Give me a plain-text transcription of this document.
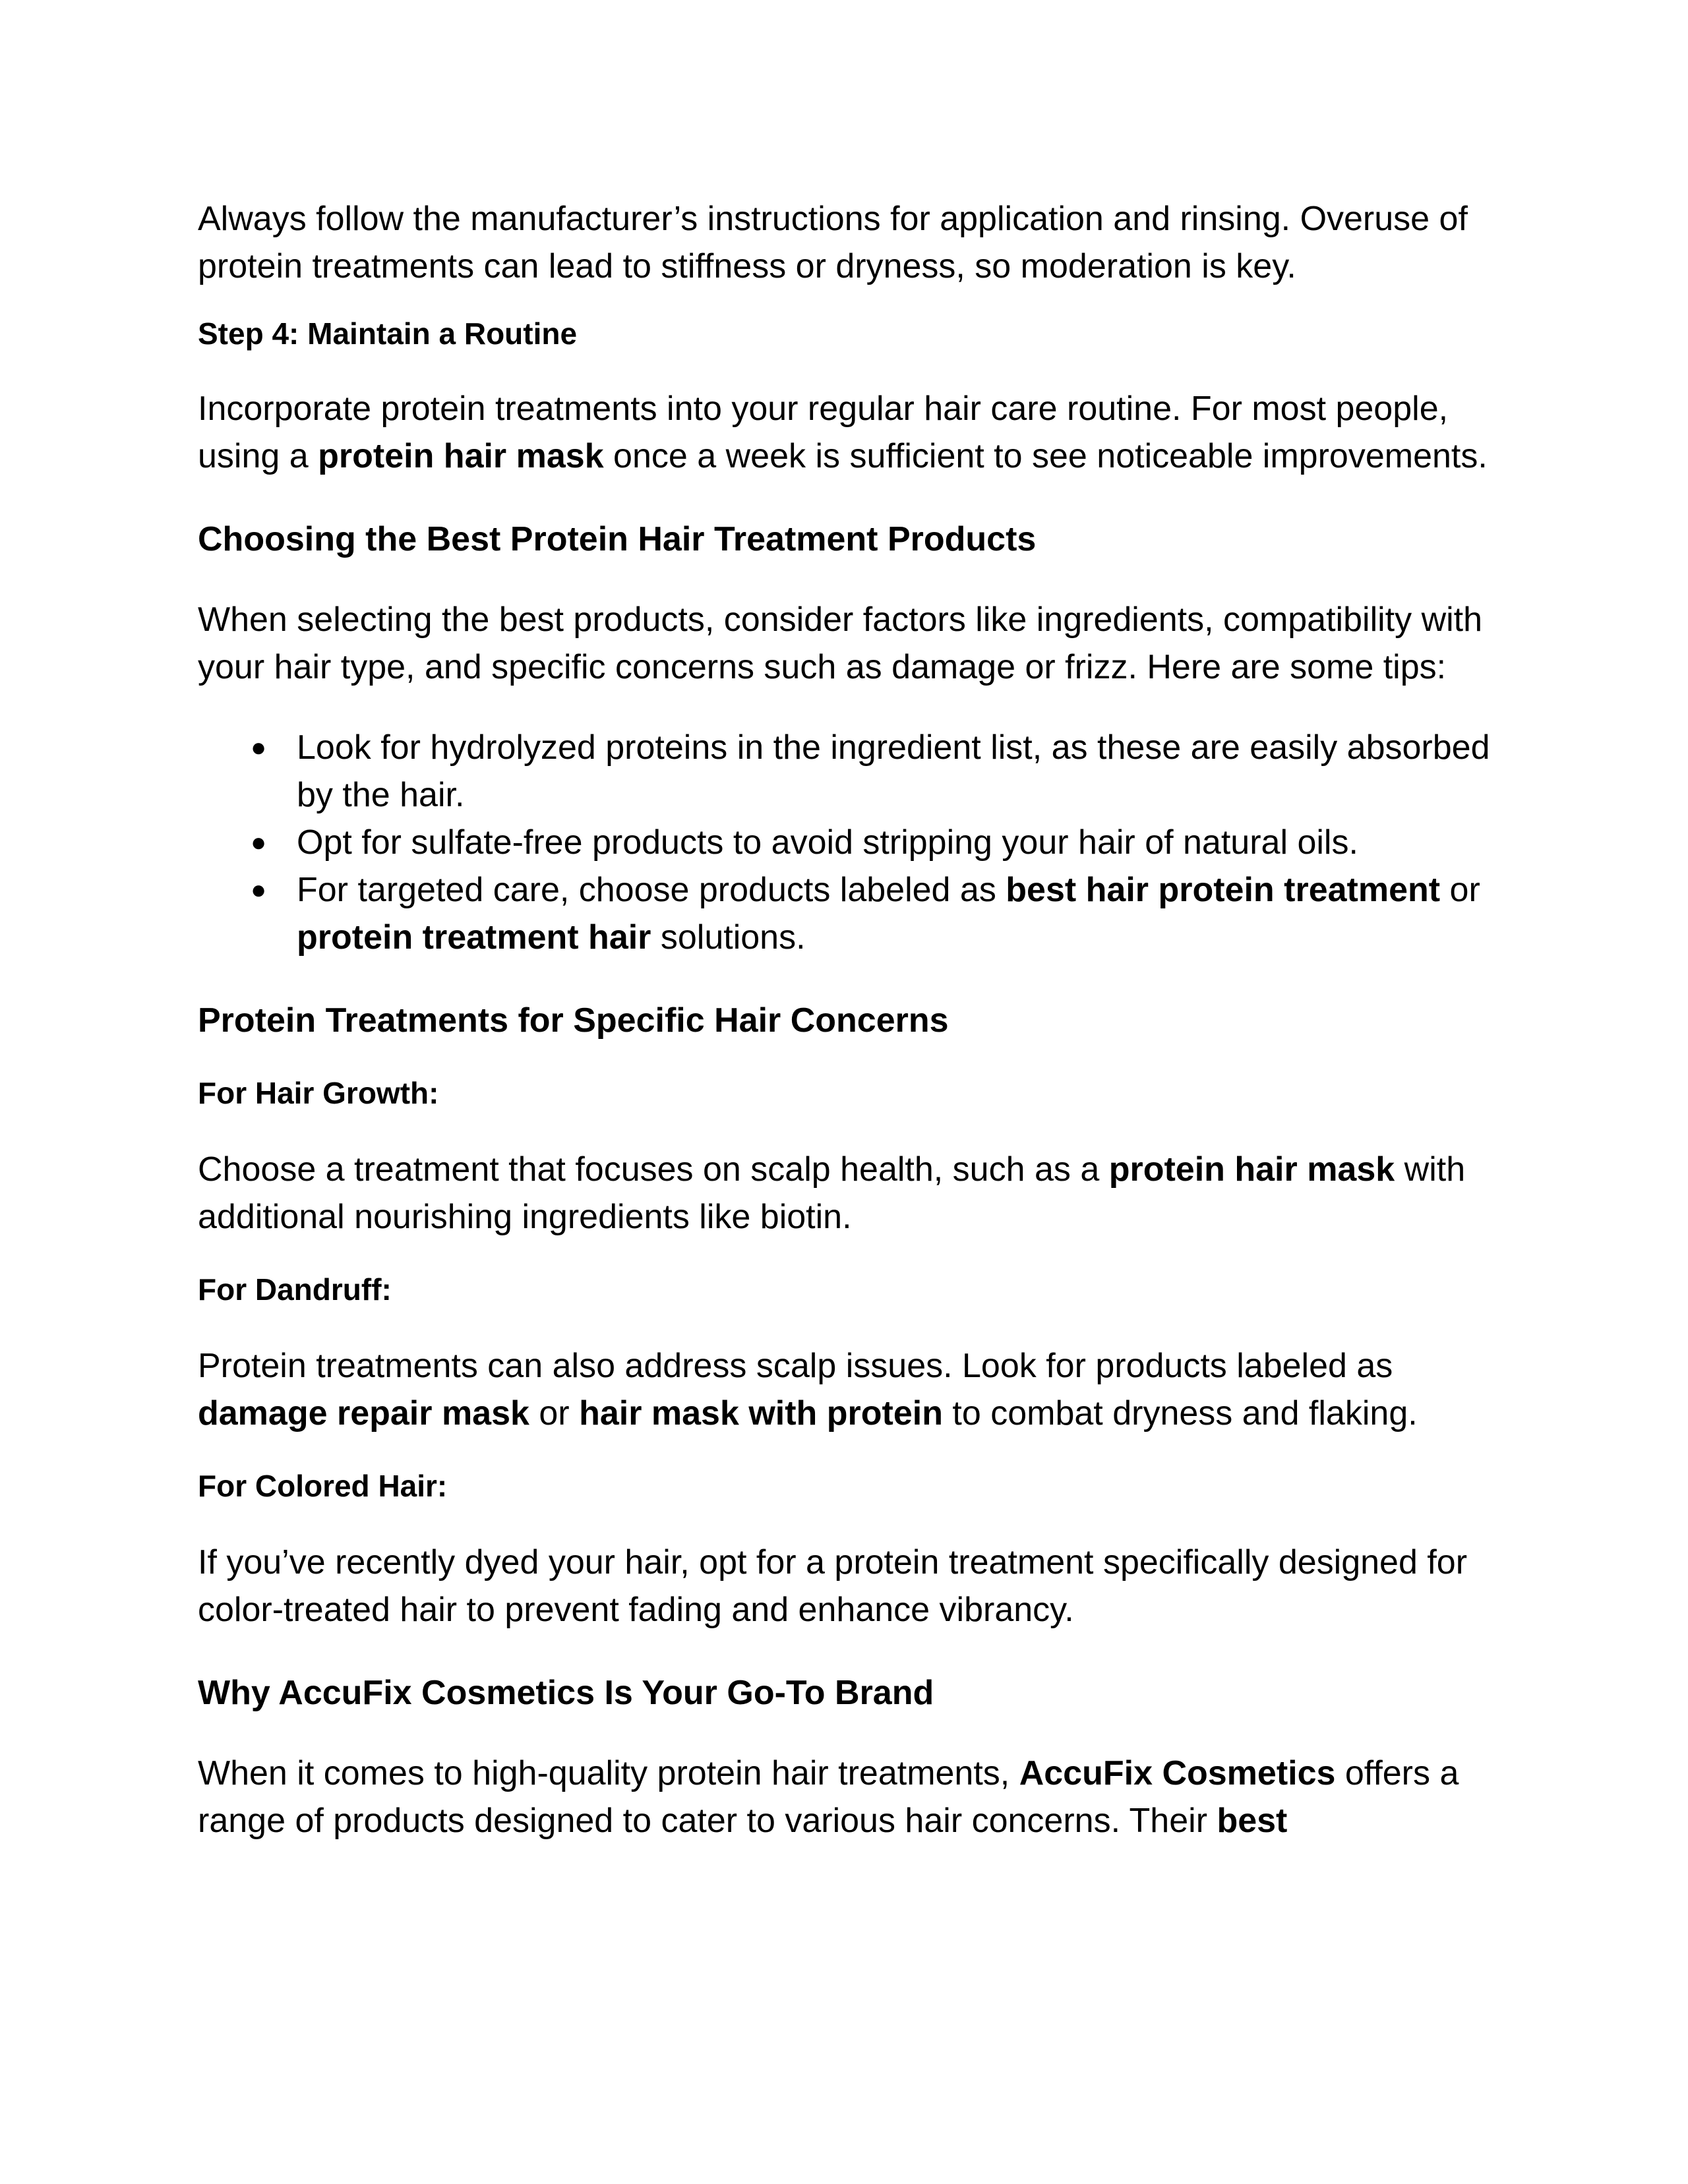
Always follow the manufacturer’s instructions for application and rinsing. Overuse of protein treatments can lead to stiffness or dryness, so moderation is key.

Step 4: Maintain a Routine

Incorporate protein treatments into your regular hair care routine. For most people, using a protein hair mask once a week is sufficient to see noticeable improvements.

Choosing the Best Protein Hair Treatment Products

When selecting the best products, consider factors like ingredients, compatibility with your hair type, and specific concerns such as damage or frizz. Here are some tips:

● Look for hydrolyzed proteins in the ingredient list, as these are easily absorbed by the hair.
● Opt for sulfate-free products to avoid stripping your hair of natural oils.
● For targeted care, choose products labeled as best hair protein treatment or protein treatment hair solutions.

Protein Treatments for Specific Hair Concerns

For Hair Growth:

Choose a treatment that focuses on scalp health, such as a protein hair mask with additional nourishing ingredients like biotin.

For Dandruff:

Protein treatments can also address scalp issues. Look for products labeled as damage repair mask or hair mask with protein to combat dryness and flaking.

For Colored Hair:

If you’ve recently dyed your hair, opt for a protein treatment specifically designed for color-treated hair to prevent fading and enhance vibrancy.

Why AccuFix Cosmetics Is Your Go-To Brand

When it comes to high-quality protein hair treatments, AccuFix Cosmetics offers a range of products designed to cater to various hair concerns. Their best
